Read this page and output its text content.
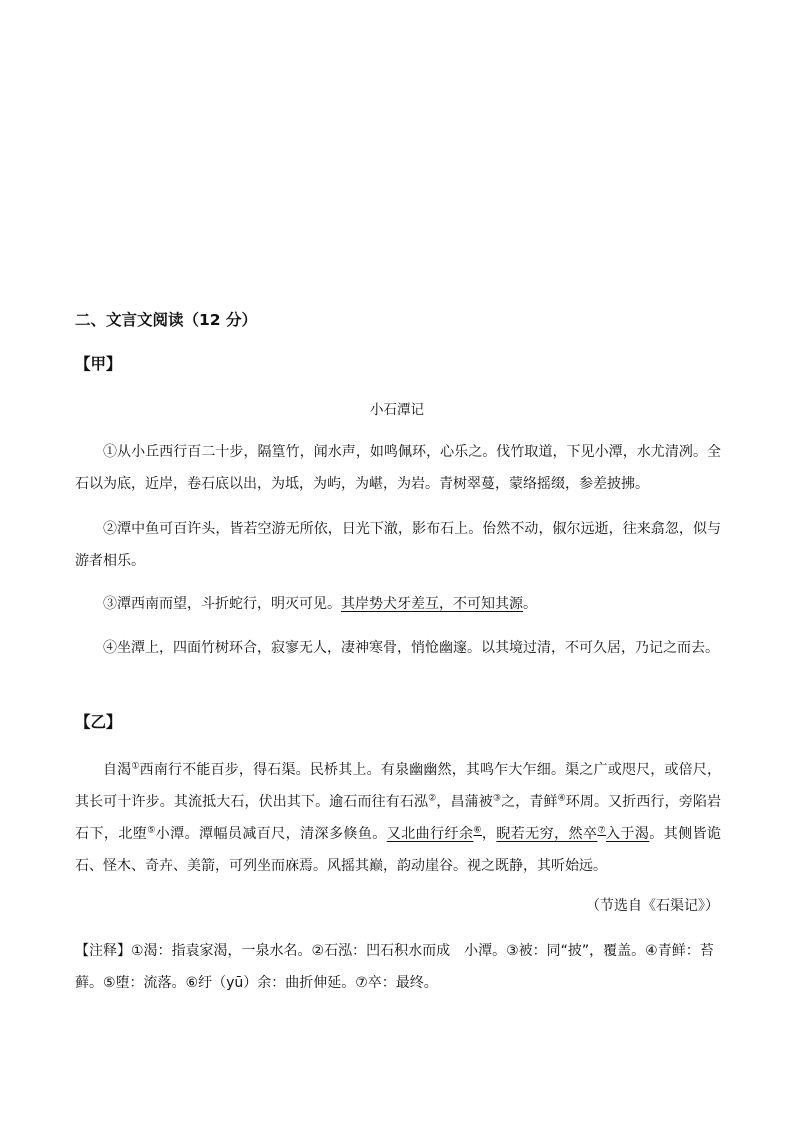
二、文言文阅读（12 分）
【甲】
小石潭记
①从小丘西行百二十步，隔篁竹，闻水声，如鸣佩环，心乐之。伐竹取道，下见小潭，水尤清冽。全石以为底，近岸，卷石底以出，为坻，为屿，为嵁，为岩。青树翠蔓，蒙络摇缀，参差披拂。
②潭中鱼可百许头，皆若空游无所依，日光下澈，影布石上。佁然不动，俶尔远逝，往来翕忽，似与游者相乐。
③潭西南而望，斗折蛇行，明灭可见。其岸势犬牙差互，不可知其源。
④坐潭上，四面竹树环合，寂寥无人，凄神寒骨，悄怆幽邃。以其境过清，不可久居，乃记之而去。
【乙】
自渴①西南行不能百步，得石渠。民桥其上。有泉幽幽然，其鸣乍大乍细。渠之广或咫尺，或倍尺，其长可十许步。其流抵大石，伏出其下。逾石而往有石泓②，昌蒲被③之，青鲜④环周。又折西行，旁陷岩石下，北堕⑤小潭。潭幅员减百尺，清深多倏鱼。又北曲行纡余⑥，睨若无穷，然卒⑦入于渴。其侧皆诡石、怪木、奇卉、美箭，可列坐而庥焉。风摇其巅，韵动崖谷。视之既静，其听始远。
（节选自《石渠记》）
【注释】①渴：指袁家渴，一泉水名。②石泓：凹石积水而成　小潭。③被：同“披”，覆盖。④青鲜：苔藓。⑤堕：流落。⑥纡（yū）余：曲折伸延。⑦卒：最终。
